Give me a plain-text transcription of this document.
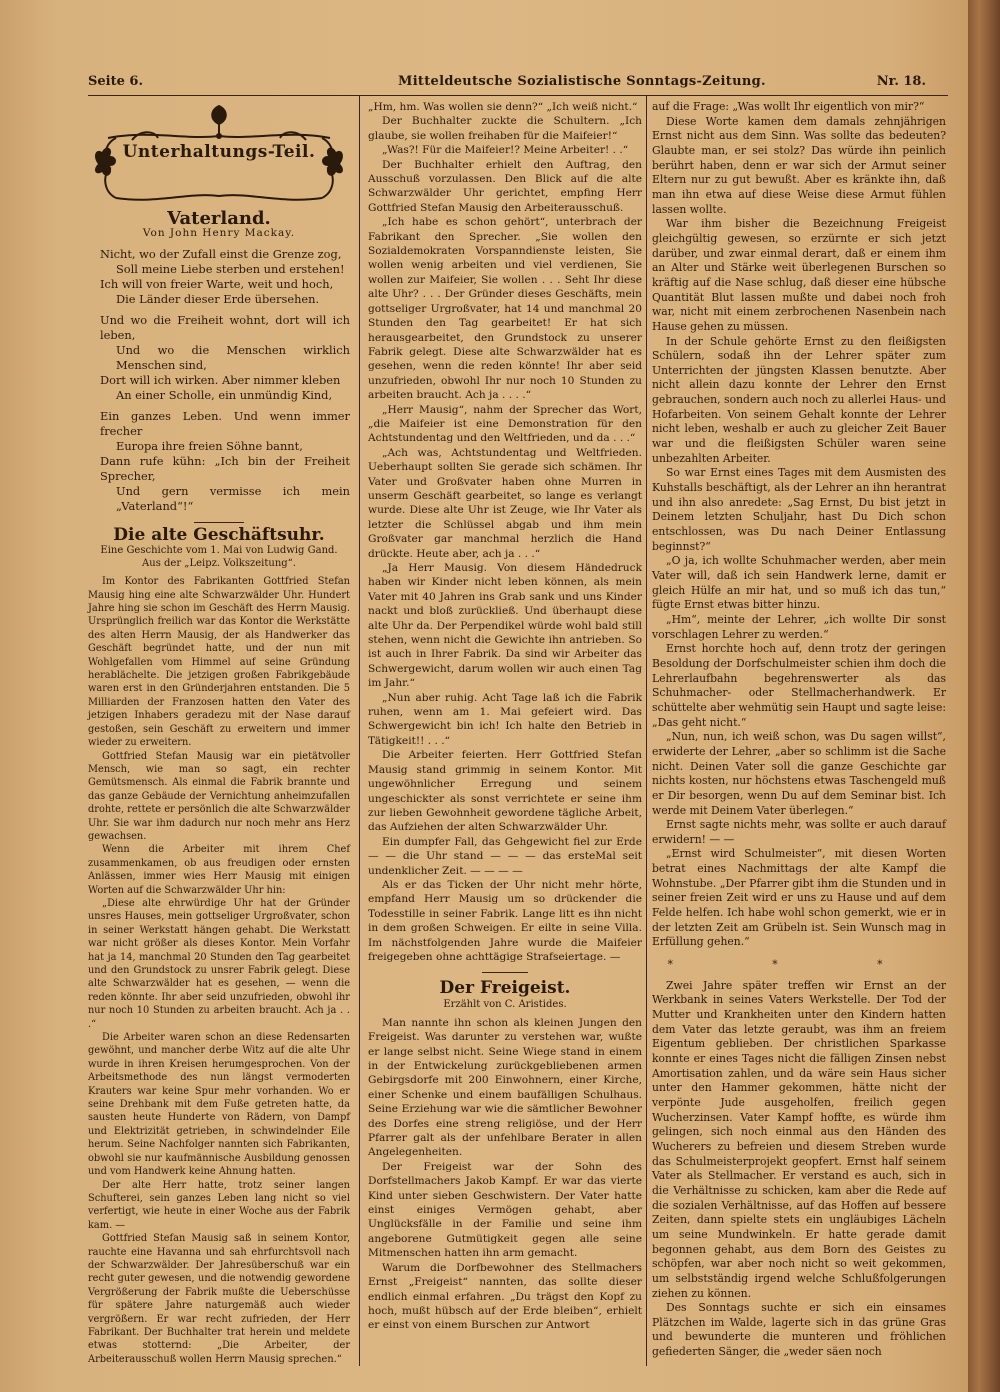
Seite 6.	Mitteldeutsche Sozialistische Sonntags-Zeitung.	Nr. 18.
Unterhaltungs-Teil.
Vaterland.
Von John Henry Mackay.
Nicht, wo der Zufall einst die Grenze zog,
Soll meine Liebe sterben und erstehen!
Ich will von freier Warte, weit und hoch,
Die Länder dieser Erde übersehen.
Und wo die Freiheit wohnt, dort will ich leben,
Und wo die Menschen wirklich Menschen sind,
Dort will ich wirken. Aber nimmer kleben
An einer Scholle, ein unmündig Kind,
Ein ganzes Leben. Und wenn immer frecher
Europa ihre freien Söhne bannt,
Dann rufe kühn: „Ich bin der Freiheit Sprecher,
Und gern vermisse ich mein „Vaterland“!“
Die alte Geschäftsuhr.
Eine Geschichte vom 1. Mai von Ludwig Gand.
Aus der „Leipz. Volkszeitung“.

Im Kontor des Fabrikanten Gottfried Stefan Mausig hing eine alte Schwarzwälder Uhr. Hundert Jahre hing sie schon im Geschäft des Herrn Mausig. Ursprünglich freilich war das Kontor die Werkstätte des alten Herrn Mausig, der als Handwerker das Geschäft begründet hatte, und der nun mit Wohlgefallen vom Himmel auf seine Gründung herablächelte. Die jetzigen großen Fabrikgebäude waren erst in den Gründerjahren entstanden. Die 5 Milliarden der Franzosen hatten den Vater des jetzigen Inhabers geradezu mit der Nase darauf gestoßen, sein Geschäft zu erweitern und immer wieder zu erweitern.

Gottfried Stefan Mausig war ein pietätvoller Mensch, wie man so sagt, ein rechter Gemütsmensch. Als einmal die Fabrik brannte und das ganze Gebäude der Vernichtung anheimzufallen drohte, rettete er persönlich die alte Schwarzwälder Uhr. Sie war ihm dadurch nur noch mehr ans Herz gewachsen.

Wenn die Arbeiter mit ihrem Chef zusammenkamen, ob aus freudigen oder ernsten Anlässen, immer wies Herr Mausig mit einigen Worten auf die Schwarzwälder Uhr hin:

„Diese alte ehrwürdige Uhr hat der Gründer unsres Hauses, mein gottseliger Urgroßvater, schon in seiner Werkstatt hängen gehabt. Die Werkstatt war nicht größer als dieses Kontor. Mein Vorfahr hat ja 14, manchmal 20 Stunden den Tag gearbeitet und den Grundstock zu unsrer Fabrik gelegt. Diese alte Schwarzwälder hat es gesehen, — wenn die reden könnte. Ihr aber seid unzufrieden, obwohl ihr nur noch 10 Stunden zu arbeiten braucht. Ach ja . . .“

Die Arbeiter waren schon an diese Redensarten gewöhnt, und mancher derbe Witz auf die alte Uhr wurde in ihren Kreisen herumgesprochen. Von der Arbeitsmethode des nun längst vermoderten Krauters war keine Spur mehr vorhanden. Wo er seine Drehbank mit dem Fuße getreten hatte, da sausten heute Hunderte von Rädern, von Dampf und Elektrizität getrieben, in schwindelnder Eile herum. Seine Nachfolger nannten sich Fabrikanten, obwohl sie nur kaufmännische Ausbildung genossen und vom Handwerk keine Ahnung hatten.

Der alte Herr hatte, trotz seiner langen Schufterei, sein ganzes Leben lang nicht so viel verfertigt, wie heute in einer Woche aus der Fabrik kam. —

Gottfried Stefan Mausig saß in seinem Kontor, rauchte eine Havanna und sah ehrfurchtsvoll nach der Schwarzwälder. Der Jahresüberschuß war ein recht guter gewesen, und die notwendig gewordene Vergrößerung der Fabrik mußte die Ueberschüsse für spätere Jahre naturgemäß auch wieder vergrößern. Er war recht zufrieden, der Herr Fabrikant. Der Buchhalter trat herein und meldete etwas stotternd: „Die Arbeiter, der Arbeiterausschuß wollen Herrn Mausig sprechen.“

„Hm, hm. Was wollen sie denn?“ „Ich weiß nicht.“

Der Buchhalter zuckte die Schultern. „Ich glaube, sie wollen freihaben für die Maifeier!“

„Was?! Für die Maifeier!? Meine Arbeiter! . .“

Der Buchhalter erhielt den Auftrag, den Ausschuß vorzulassen. Den Blick auf die alte Schwarzwälder Uhr gerichtet, empfing Herr Gottfried Stefan Mausig den Arbeiterausschuß.

„Ich habe es schon gehört“, unterbrach der Fabrikant den Sprecher. „Sie wollen den Sozialdemokraten Vorspanndienste leisten, Sie wollen wenig arbeiten und viel verdienen, Sie wollen zur Maifeier, Sie wollen . . . Seht Ihr diese alte Uhr? . . . Der Gründer dieses Geschäfts, mein gottseliger Urgroßvater, hat 14 und manchmal 20 Stunden den Tag gearbeitet! Er hat sich herausgearbeitet, den Grundstock zu unserer Fabrik gelegt. Diese alte Schwarzwälder hat es gesehen, wenn die reden könnte! Ihr aber seid unzufrieden, obwohl Ihr nur noch 10 Stunden zu arbeiten braucht. Ach ja . . . .“

„Herr Mausig“, nahm der Sprecher das Wort, „die Maifeier ist eine Demonstration für den Achtstundentag und den Weltfrieden, und da . . .“

„Ach was, Achtstundentag und Weltfrieden. Ueberhaupt sollten Sie gerade sich schämen. Ihr Vater und Großvater haben ohne Murren in unserm Geschäft gearbeitet, so lange es verlangt wurde. Diese alte Uhr ist Zeuge, wie Ihr Vater als letzter die Schlüssel abgab und ihm mein Großvater gar manchmal herzlich die Hand drückte. Heute aber, ach ja . . .“

„Ja Herr Mausig. Von diesem Händedruck haben wir Kinder nicht leben können, als mein Vater mit 40 Jahren ins Grab sank und uns Kinder nackt und bloß zurückließ. Und überhaupt diese alte Uhr da. Der Perpendikel würde wohl bald still stehen, wenn nicht die Gewichte ihn antrieben. So ist auch in Ihrer Fabrik. Da sind wir Arbeiter das Schwergewicht, darum wollen wir auch einen Tag im Jahr.“

„Nun aber ruhig. Acht Tage laß ich die Fabrik ruhen, wenn am 1. Mai gefeiert wird. Das Schwergewicht bin ich! Ich halte den Betrieb in Tätigkeit!! . . .“

Die Arbeiter feierten. Herr Gottfried Stefan Mausig stand grimmig in seinem Kontor. Mit ungewöhnlicher Erregung und seinem ungeschickter als sonst verrichtete er seine ihm zur lieben Gewohnheit gewordene tägliche Arbeit, das Aufziehen der alten Schwarzwälder Uhr.

Ein dumpfer Fall, das Gehgewicht fiel zur Erde — — die Uhr stand — — — das ersteMal seit undenklicher Zeit. — — — —

Als er das Ticken der Uhr nicht mehr hörte, empfand Herr Mausig um so drückender die Todesstille in seiner Fabrik. Lange litt es ihn nicht in dem großen Schweigen. Er eilte in seine Villa. Im nächstfolgenden Jahre wurde die Maifeier freigegeben ohne achttägige Strafseiertage. —

Der Freigeist.
Erzählt von C. Aristides.

Man nannte ihn schon als kleinen Jungen den Freigeist. Was darunter zu verstehen war, wußte er lange selbst nicht. Seine Wiege stand in einem in der Entwickelung zurückgebliebenen armen Gebirgsdorfe mit 200 Einwohnern, einer Kirche, einer Schenke und einem baufälligen Schulhaus. Seine Erziehung war wie die sämtlicher Bewohner des Dorfes eine streng religiöse, und der Herr Pfarrer galt als der unfehlbare Berater in allen Angelegenheiten.

Der Freigeist war der Sohn des Dorfstellmachers Jakob Kampf. Er war das vierte Kind unter sieben Geschwistern. Der Vater hatte einst einiges Vermögen gehabt, aber Unglücksfälle in der Familie und seine ihm angeborene Gutmütigkeit gegen alle seine Mitmenschen hatten ihn arm gemacht.

Warum die Dorfbewohner des Stellmachers Ernst „Freigeist“ nannten, das sollte dieser endlich einmal erfahren. „Du trägst den Kopf zu hoch, mußt hübsch auf der Erde bleiben“, erhielt er einst von einem Burschen zur Antwort

auf die Frage: „Was wollt Ihr eigentlich von mir?“

Diese Worte kamen dem damals zehnjährigen Ernst nicht aus dem Sinn. Was sollte das bedeuten? Glaubte man, er sei stolz? Das würde ihn peinlich berührt haben, denn er war sich der Armut seiner Eltern nur zu gut bewußt. Aber es kränkte ihn, daß man ihn etwa auf diese Weise diese Armut fühlen lassen wollte.

War ihm bisher die Bezeichnung Freigeist gleichgültig gewesen, so erzürnte er sich jetzt darüber, und zwar einmal derart, daß er einem ihm an Alter und Stärke weit überlegenen Burschen so kräftig auf die Nase schlug, daß dieser eine hübsche Quantität Blut lassen mußte und dabei noch froh war, nicht mit einem zerbrochenen Nasenbein nach Hause gehen zu müssen.

In der Schule gehörte Ernst zu den fleißigsten Schülern, sodaß ihn der Lehrer später zum Unterrichten der jüngsten Klassen benutzte. Aber nicht allein dazu konnte der Lehrer den Ernst gebrauchen, sondern auch noch zu allerlei Haus- und Hofarbeiten. Von seinem Gehalt konnte der Lehrer nicht leben, weshalb er auch zu gleicher Zeit Bauer war und die fleißigsten Schüler waren seine unbezahlten Arbeiter.

So war Ernst eines Tages mit dem Ausmisten des Kuhstalls beschäftigt, als der Lehrer an ihn herantrat und ihn also anredete: „Sag Ernst, Du bist jetzt in Deinem letzten Schuljahr, hast Du Dich schon entschlossen, was Du nach Deiner Entlassung beginnst?“

„O ja, ich wollte Schuhmacher werden, aber mein Vater will, daß ich sein Handwerk lerne, damit er gleich Hülfe an mir hat, und so muß ich das tun,“ fügte Ernst etwas bitter hinzu.

„Hm“, meinte der Lehrer, „ich wollte Dir sonst vorschlagen Lehrer zu werden.“

Ernst horchte hoch auf, denn trotz der geringen Besoldung der Dorfschulmeister schien ihm doch die Lehrerlaufbahn begehrenswerter als das Schuhmacher- oder Stellmacherhandwerk. Er schüttelte aber wehmütig sein Haupt und sagte leise: „Das geht nicht.“

„Nun, nun, ich weiß schon, was Du sagen willst“, erwiderte der Lehrer, „aber so schlimm ist die Sache nicht. Deinen Vater soll die ganze Geschichte gar nichts kosten, nur höchstens etwas Taschengeld muß er Dir besorgen, wenn Du auf dem Seminar bist. Ich werde mit Deinem Vater überlegen.“

Ernst sagte nichts mehr, was sollte er auch darauf erwidern! — —

„Ernst wird Schulmeister“, mit diesen Worten betrat eines Nachmittags der alte Kampf die Wohnstube. „Der Pfarrer gibt ihm die Stunden und in seiner freien Zeit wird er uns zu Hause und auf dem Felde helfen. Ich habe wohl schon gemerkt, wie er in der letzten Zeit am Grübeln ist. Sein Wunsch mag in Erfüllung gehen.“

* * *

Zwei Jahre später treffen wir Ernst an der Werkbank in seines Vaters Werkstelle. Der Tod der Mutter und Krankheiten unter den Kindern hatten dem Vater das letzte geraubt, was ihm an freiem Eigentum geblieben. Der christlichen Sparkasse konnte er eines Tages nicht die fälligen Zinsen nebst Amortisation zahlen, und da wäre sein Haus sicher unter den Hammer gekommen, hätte nicht der verpönte Jude ausgeholfen, freilich gegen Wucherzinsen. Vater Kampf hoffte, es würde ihm gelingen, sich noch einmal aus den Händen des Wucherers zu befreien und diesem Streben wurde das Schulmeisterprojekt geopfert. Ernst half seinem Vater als Stellmacher. Er verstand es auch, sich in die Verhältnisse zu schicken, kam aber die Rede auf die sozialen Verhältnisse, auf das Hoffen auf bessere Zeiten, dann spielte stets ein ungläubiges Lächeln um seine Mundwinkeln. Er hatte gerade damit begonnen gehabt, aus dem Born des Geistes zu schöpfen, war aber noch nicht so weit gekommen, um selbstständig irgend welche Schlußfolgerungen ziehen zu können.

Des Sonntags suchte er sich ein einsames Plätzchen im Walde, lagerte sich in das grüne Gras und bewunderte die munteren und fröhlichen gefiederten Sänger, die „weder säen noch
